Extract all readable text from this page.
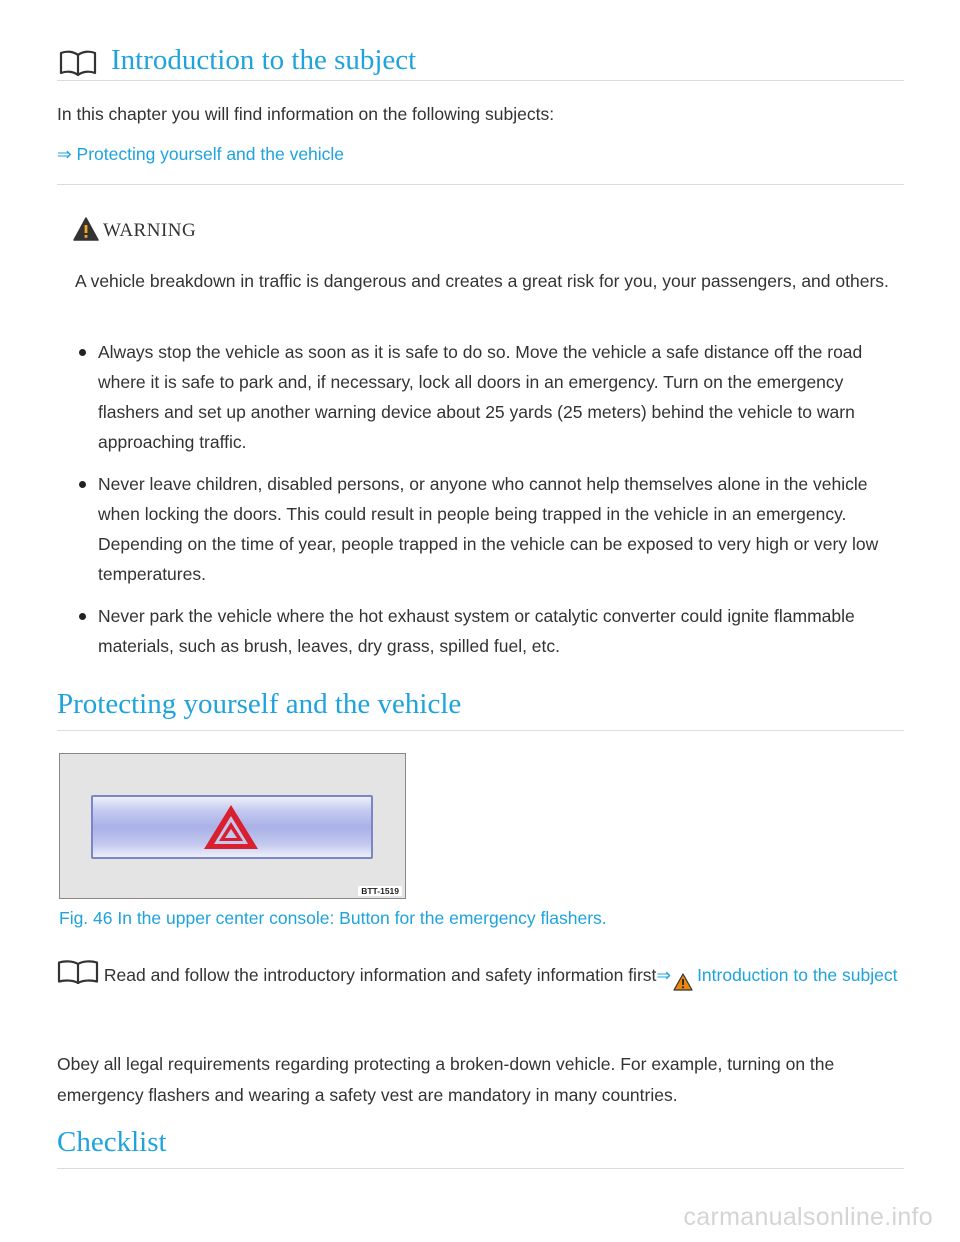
Introduction to the subject
In this chapter you will find information on the following subjects:
⇒ Protecting yourself and the vehicle
WARNING
A vehicle breakdown in traffic is dangerous and creates a great risk for you, your passengers, and others.
Always stop the vehicle as soon as it is safe to do so. Move the vehicle a safe distance off the road where it is safe to park and, if necessary, lock all doors in an emergency. Turn on the emergency flashers and set up another warning device about 25 yards (25 meters) behind the vehicle to warn approaching traffic.
Never leave children, disabled persons, or anyone who cannot help themselves alone in the vehicle when locking the doors. This could result in people being trapped in the vehicle in an emergency. Depending on the time of year, people trapped in the vehicle can be exposed to very high or very low temperatures.
Never park the vehicle where the hot exhaust system or catalytic converter could ignite flammable materials, such as brush, leaves, dry grass, spilled fuel, etc.
Protecting yourself and the vehicle
BTT-1519
Fig. 46 In the upper center console: Button for the emergency flashers.
Read and follow the introductory information and safety information first⇒ Introduction to the subject
Obey all legal requirements regarding protecting a broken-down vehicle. For example, turning on the emergency flashers and wearing a safety vest are mandatory in many countries.
Checklist
carmanualsonline.info
